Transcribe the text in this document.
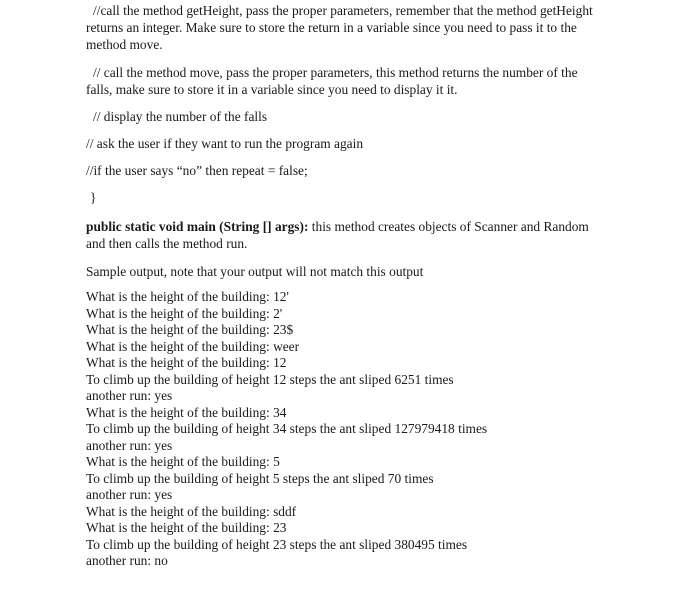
//call the method getHeight, pass the proper parameters, remember that the method getHeight
returns an integer. Make sure to store the return in a variable since you need to pass it to the
method move.
// call the method move, pass the proper parameters, this method returns the number of the
falls, make sure to store it in a variable since you need to display it it.
// display the number of the falls
// ask the user if they want to run the program again
//if the user says “no” then repeat = false;
}
public static void main (String [] args): this method creates objects of Scanner and Random
and then calls the method run.
Sample output, note that your output will not match this output
What is the height of the building: 12'
What is the height of the building: 2'
What is the height of the building: 23$
What is the height of the building: weer
What is the height of the building: 12
To climb up the building of height 12 steps the ant sliped 6251 times
another run: yes
What is the height of the building: 34
To climb up the building of height 34 steps the ant sliped 127979418 times
another run: yes
What is the height of the building: 5
To climb up the building of height 5 steps the ant sliped 70 times
another run: yes
What is the height of the building: sddf
What is the height of the building: 23
To climb up the building of height 23 steps the ant sliped 380495 times
another run: no
